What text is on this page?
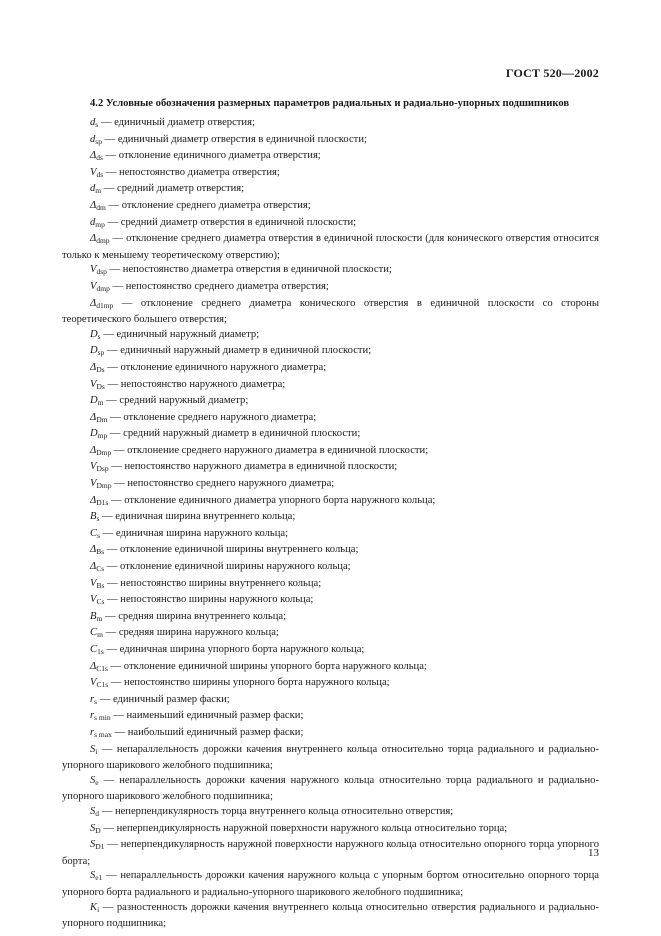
ГОСТ 520—2002
4.2 Условные обозначения размерных параметров радиальных и радиально-упорных подшипников
$d_s$ — единичный диаметр отверстия;
$d_{sp}$ — единичный диаметр отверстия в единичной плоскости;
$\Delta_{ds}$ — отклонение единичного диаметра отверстия;
$V_{ds}$ — непостоянство диаметра отверстия;
$d_m$ — средний диаметр отверстия;
$\Delta_{dm}$ — отклонение среднего диаметра отверстия;
$d_{mp}$ — средний диаметр отверстия в единичной плоскости;
$\Delta_{dmp}$ — отклонение среднего диаметра отверстия в единичной плоскости (для конического отверстия относится только к меньшему теоретическому отверстию);
$V_{dsp}$ — непостоянство диаметра отверстия в единичной плоскости;
$V_{dmp}$ — непостоянство среднего диаметра отверстия;
$\Delta_{d1mp}$ — отклонение среднего диаметра конического отверстия в единичной плоскости со стороны теоретического большего отверстия;
$D_s$ — единичный наружный диаметр;
$D_{sp}$ — единичный наружный диаметр в единичной плоскости;
$\Delta_{Ds}$ — отклонение единичного наружного диаметра;
$V_{Ds}$ — непостоянство наружного диаметра;
$D_m$ — средний наружный диаметр;
$\Delta_{Dm}$ — отклонение среднего наружного диаметра;
$D_{mp}$ — средний наружный диаметр в единичной плоскости;
$\Delta_{Dmp}$ — отклонение среднего наружного диаметра в единичной плоскости;
$V_{Dsp}$ — непостоянство наружного диаметра в единичной плоскости;
$V_{Dmp}$ — непостоянство среднего наружного диаметра;
$\Delta_{D1s}$ — отклонение единичного диаметра упорного борта наружного кольца;
$B_s$ — единичная ширина внутреннего кольца;
$C_s$ — единичная ширина наружного кольца;
$\Delta_{Bs}$ — отклонение единичной ширины внутреннего кольца;
$\Delta_{Cs}$ — отклонение единичной ширины наружного кольца;
$V_{Bs}$ — непостоянство ширины внутреннего кольца;
$V_{Cs}$ — непостоянство ширины наружного кольца;
$B_m$ — средняя ширина внутреннего кольца;
$C_m$ — средняя ширина наружного кольца;
$C_{1s}$ — единичная ширина упорного борта наружного кольца;
$\Delta_{C1s}$ — отклонение единичной ширины упорного борта наружного кольца;
$V_{C1s}$ — непостоянство ширины упорного борта наружного кольца;
$r_s$ — единичный размер фаски;
$r_{s min}$ — наименьший единичный размер фаски;
$r_{s max}$ — наибольший единичный размер фаски;
$S_i$ — непараллельность дорожки качения внутреннего кольца относительно торца радиального и радиально-упорного шарикового желобного подшипника;
$S_e$ — непараллельность дорожки качения наружного кольца относительно торца радиального и радиально-упорного шарикового желобного подшипника;
$S_d$ — неперпендикулярность торца внутреннего кольца относительно отверстия;
$S_D$ — неперпендикулярность наружной поверхности наружного кольца относительно торца;
$S_{D1}$ — неперпендикулярность наружной поверхности наружного кольца относительно опорного торца упорного борта;
$S_{e1}$ — непараллельность дорожки качения наружного кольца с упорным бортом относительно опорного торца упорного борта радиального и радиально-упорного шарикового желобного подшипника;
$K_i$ — разностенность дорожки качения внутреннего кольца относительно отверстия радиального и радиально-упорного подшипника;
13
